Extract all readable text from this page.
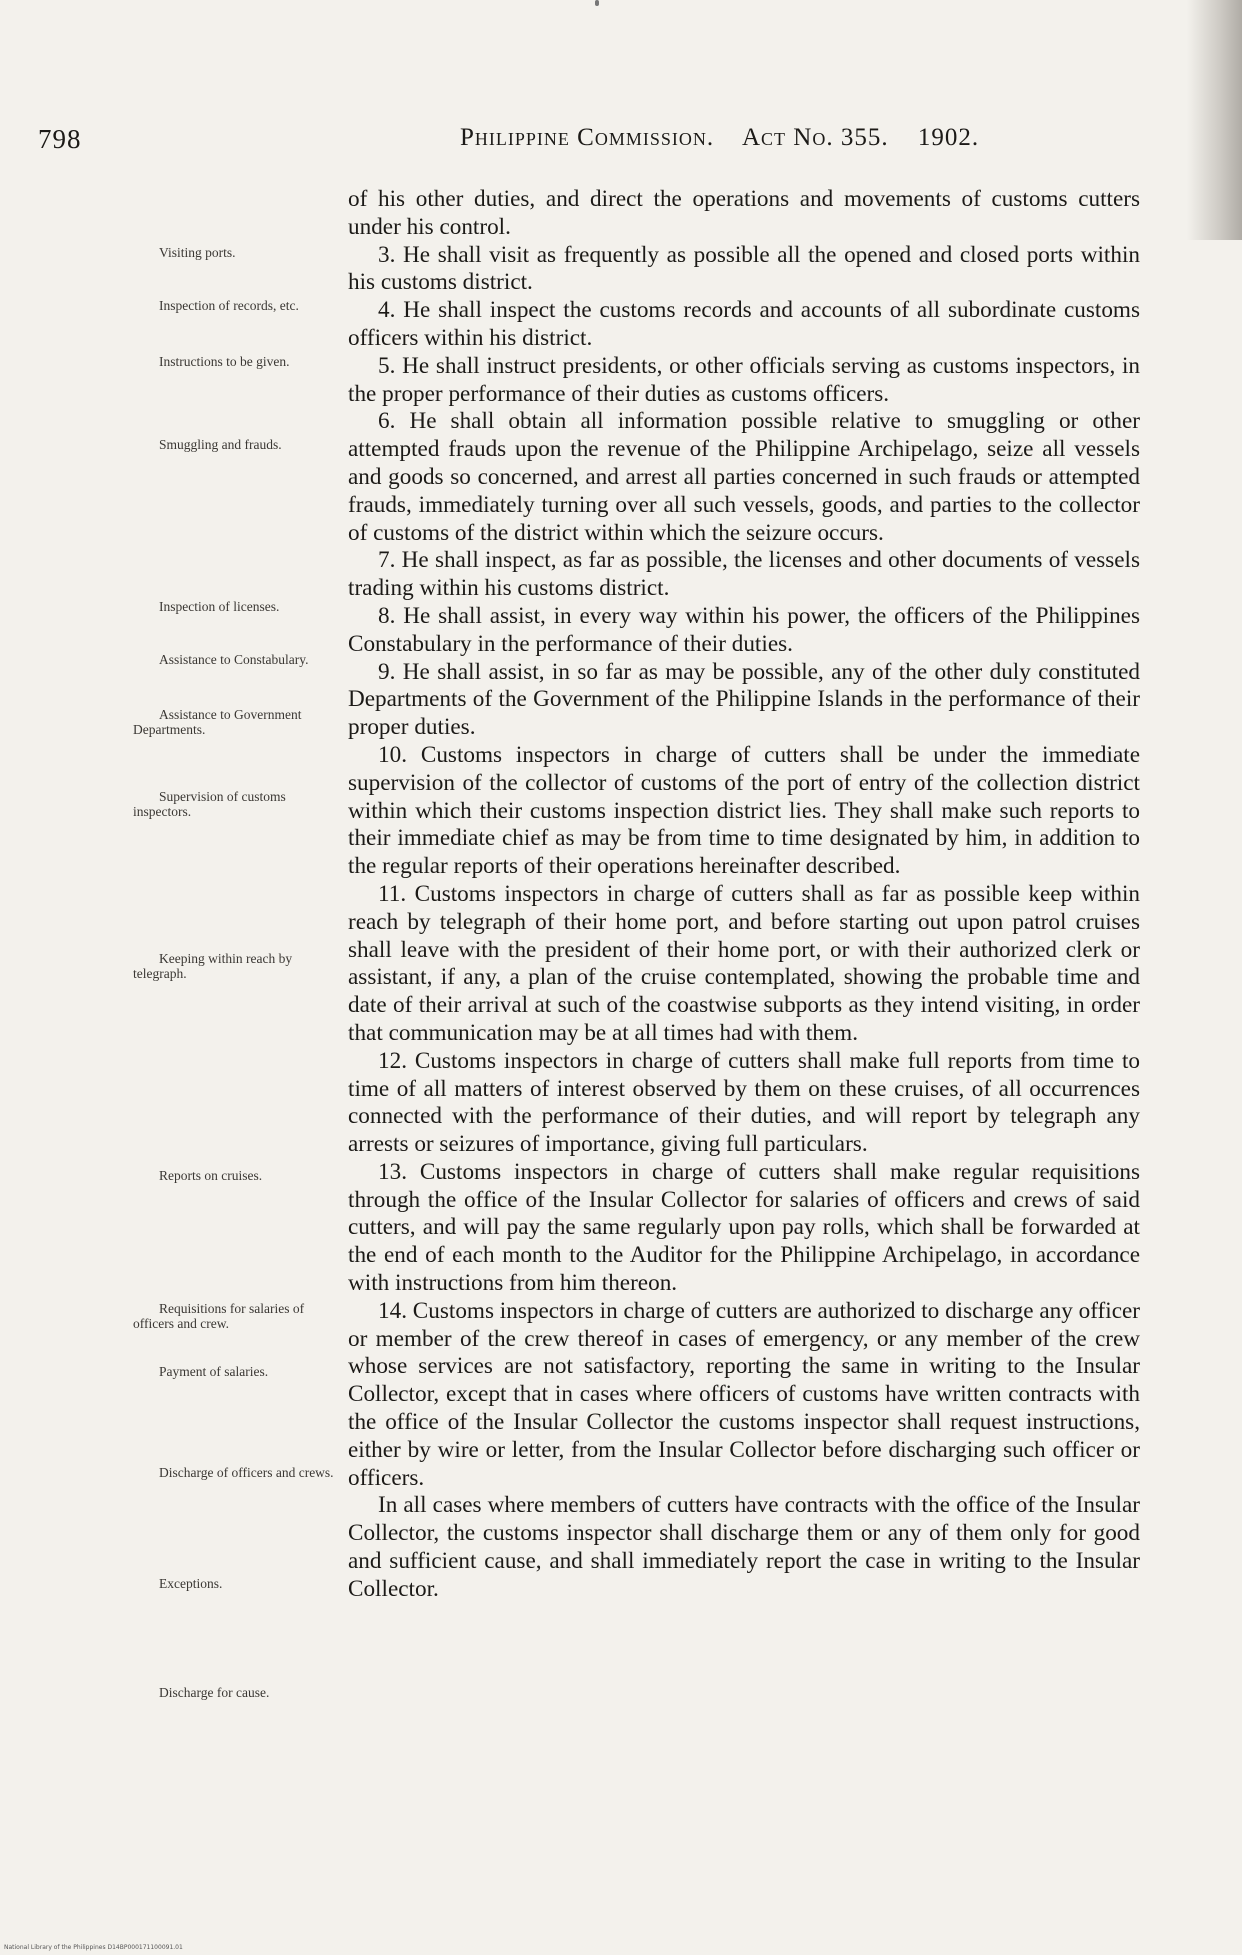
798	Philippine Commission. Act No. 355. 1902.
Visiting ports.
Inspection of records, etc.
Instructions to be given.
Smuggling and frauds.
Inspection of licenses.
Assistance to Constabulary.
Assistance to Government Departments.
Supervision of customs inspectors.
Keeping within reach by telegraph.
Reports on cruises.
Requisitions for salaries of officers and crew.
Payment of salaries.
Discharge of officers and crews.
Exceptions.
Discharge for cause.

of his other duties, and direct the operations and movements of customs cutters under his control.

3. He shall visit as frequently as possible all the opened and closed ports within his customs district.

4. He shall inspect the customs records and accounts of all subordinate customs officers within his district.

5. He shall instruct presidents, or other officials serving as customs inspectors, in the proper performance of their duties as customs officers.

6. He shall obtain all information possible relative to smuggling or other attempted frauds upon the revenue of the Philippine Archipelago, seize all vessels and goods so concerned, and arrest all parties concerned in such frauds or attempted frauds, immediately turning over all such vessels, goods, and parties to the collector of customs of the district within which the seizure occurs.

7. He shall inspect, as far as possible, the licenses and other documents of vessels trading within his customs district.

8. He shall assist, in every way within his power, the officers of the Philippines Constabulary in the performance of their duties.

9. He shall assist, in so far as may be possible, any of the other duly constituted Departments of the Government of the Philippine Islands in the performance of their proper duties.

10. Customs inspectors in charge of cutters shall be under the immediate supervision of the collector of customs of the port of entry of the collection district within which their customs inspection district lies. They shall make such reports to their immediate chief as may be from time to time designated by him, in addition to the regular reports of their operations hereinafter described.

11. Customs inspectors in charge of cutters shall as far as possible keep within reach by telegraph of their home port, and before starting out upon patrol cruises shall leave with the president of their home port, or with their authorized clerk or assistant, if any, a plan of the cruise contemplated, showing the probable time and date of their arrival at such of the coastwise subports as they intend visiting, in order that communication may be at all times had with them.

12. Customs inspectors in charge of cutters shall make full reports from time to time of all matters of interest observed by them on these cruises, of all occurrences connected with the performance of their duties, and will report by telegraph any arrests or seizures of importance, giving full particulars.

13. Customs inspectors in charge of cutters shall make regular requisitions through the office of the Insular Collector for salaries of officers and crews of said cutters, and will pay the same regularly upon pay rolls, which shall be forwarded at the end of each month to the Auditor for the Philippine Archipelago, in accordance with instructions from him thereon.

14. Customs inspectors in charge of cutters are authorized to discharge any officer or member of the crew thereof in cases of emergency, or any member of the crew whose services are not satisfactory, reporting the same in writing to the Insular Collector, except that in cases where officers of customs have written contracts with the office of the Insular Collector the customs inspector shall request instructions, either by wire or letter, from the Insular Collector before discharging such officer or officers.

In all cases where members of cutters have contracts with the office of the Insular Collector, the customs inspector shall discharge them or any of them only for good and sufficient cause, and shall immediately report the case in writing to the Insular Collector.

National Library of the Philippines D14BP000171100091.01
